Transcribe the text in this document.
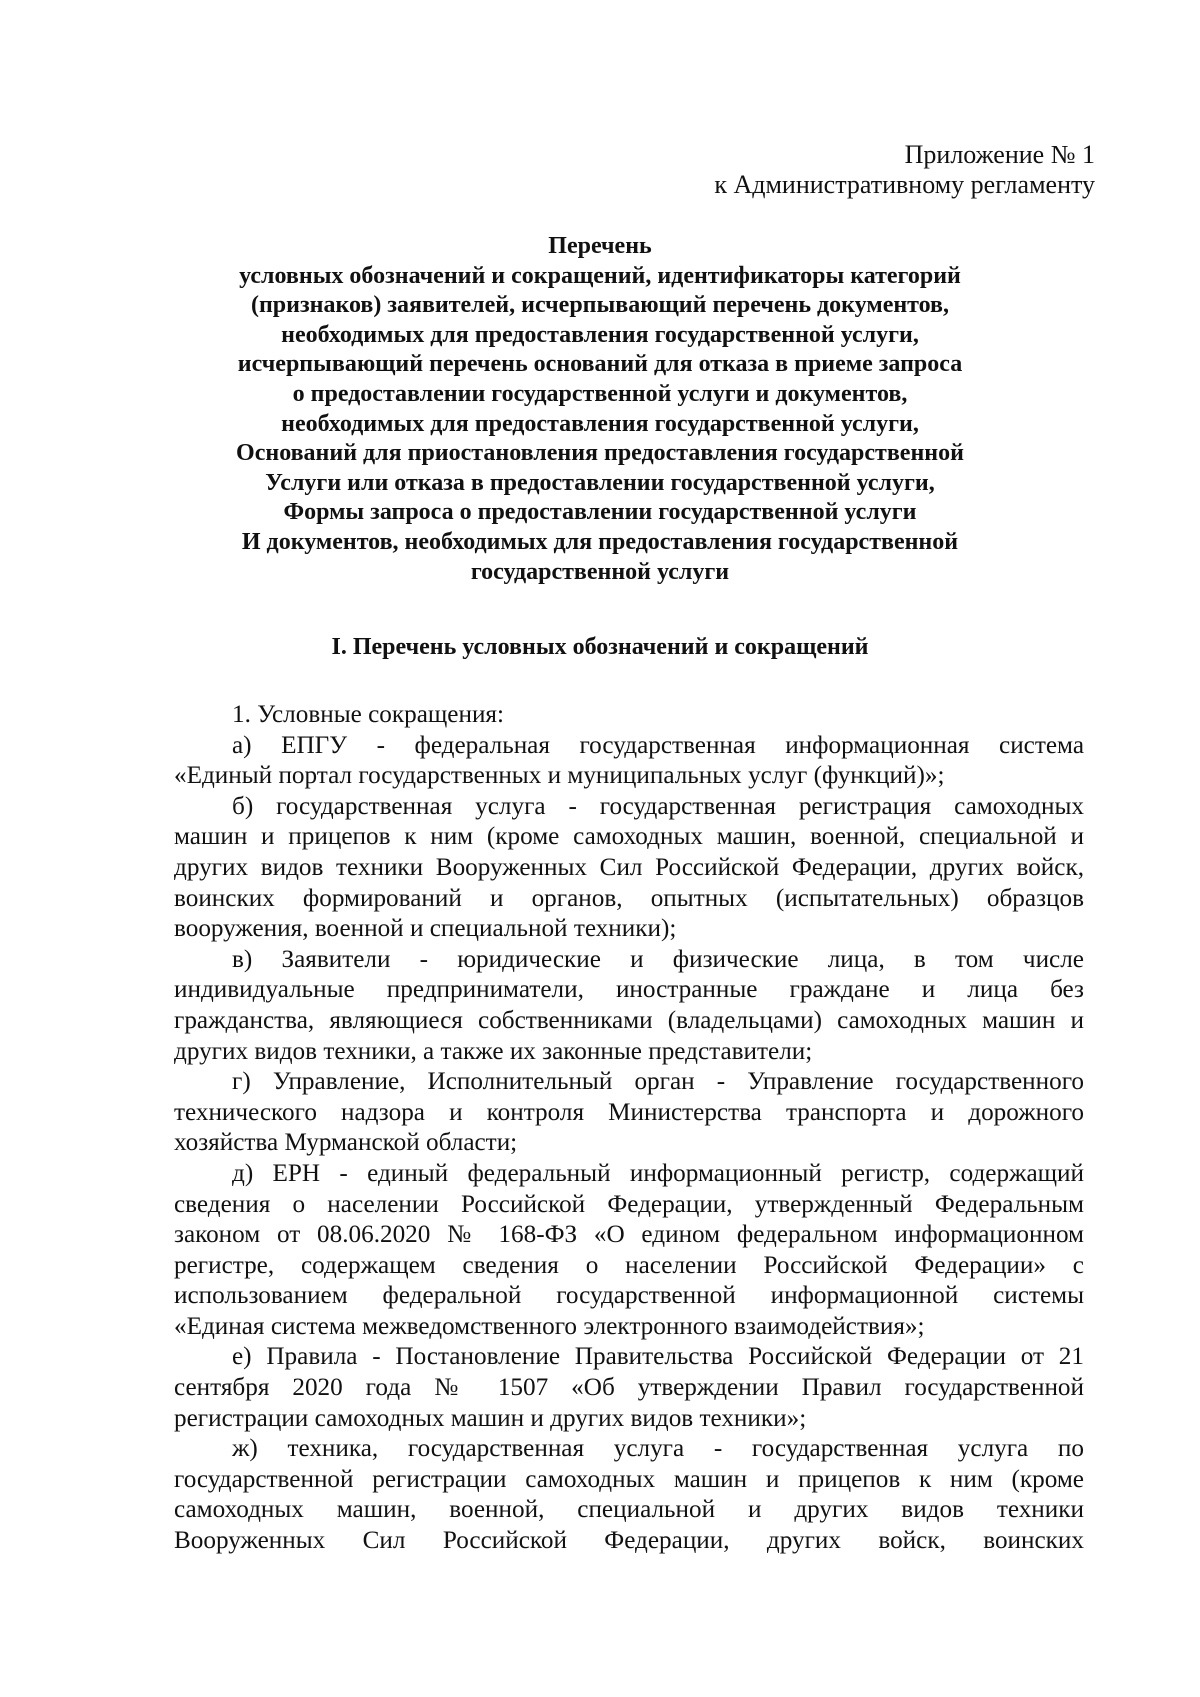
Приложение № 1
к Административному регламенту
Перечень
условных обозначений и сокращений, идентификаторы категорий
(признаков) заявителей, исчерпывающий перечень документов,
необходимых для предоставления государственной услуги,
исчерпывающий перечень оснований для отказа в приеме запроса
о предоставлении государственной услуги и документов,
необходимых для предоставления государственной услуги,
Оснований для приостановления предоставления государственной
Услуги или отказа в предоставлении государственной услуги,
Формы запроса о предоставлении государственной услуги
И документов, необходимых для предоставления государственной
государственной услуги
I. Перечень условных обозначений и сокращений
1. Условные сокращения:
а) ЕПГУ - федеральная государственная информационная система
«Единый портал государственных и муниципальных услуг (функций)»;
б) государственная услуга - государственная регистрация самоходных
машин и прицепов к ним (кроме самоходных машин, военной, специальной и
других видов техники Вооруженных Сил Российской Федерации, других войск,
воинских формирований и органов, опытных (испытательных) образцов
вооружения, военной и специальной техники);
в) Заявители - юридические и физические лица, в том числе
индивидуальные предприниматели, иностранные граждане и лица без
гражданства, являющиеся собственниками (владельцами) самоходных машин и
других видов техники, а также их законные представители;
г) Управление, Исполнительный орган - Управление государственного
технического надзора и контроля Министерства транспорта и дорожного
хозяйства Мурманской области;
д) ЕРН - единый федеральный информационный регистр, содержащий
сведения о населении Российской Федерации, утвержденный Федеральным
законом от 08.06.2020 № 168-ФЗ «О едином федеральном информационном
регистре, содержащем сведения о населении Российской Федерации» с
использованием федеральной государственной информационной системы
«Единая система межведомственного электронного взаимодействия»;
е) Правила - Постановление Правительства Российской Федерации от 21
сентября 2020 года № 1507 «Об утверждении Правил государственной
регистрации самоходных машин и других видов техники»;
ж) техника, государственная услуга - государственная услуга по
государственной регистрации самоходных машин и прицепов к ним (кроме
самоходных машин, военной, специальной и других видов техники
Вооруженных Сил Российской Федерации, других войск, воинских
